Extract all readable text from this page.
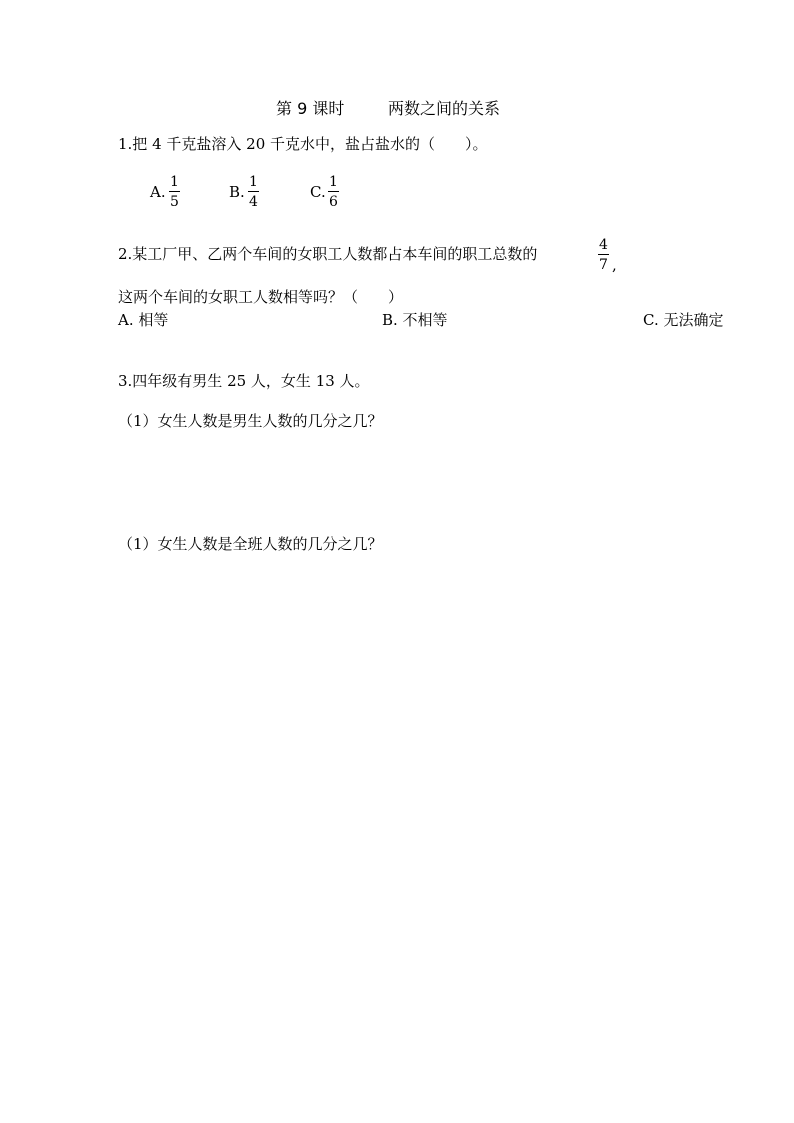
第 9 课时	两数之间的关系
1.把 4 千克盐溶入 20 千克水中，盐占盐水的（　　）。
A.
1
5
B.
1
4
C.
1
6
2.某工厂甲、乙两个车间的女职工人数都占本车间的职工总数的	4
7 ,
这两个车间的女职工人数相等吗？（　　）
A. 相等	B. 不相等	C. 无法确定
3.四年级有男生 25 人，女生 13 人。
（1）女生人数是男生人数的几分之几？
（1）女生人数是全班人数的几分之几？
